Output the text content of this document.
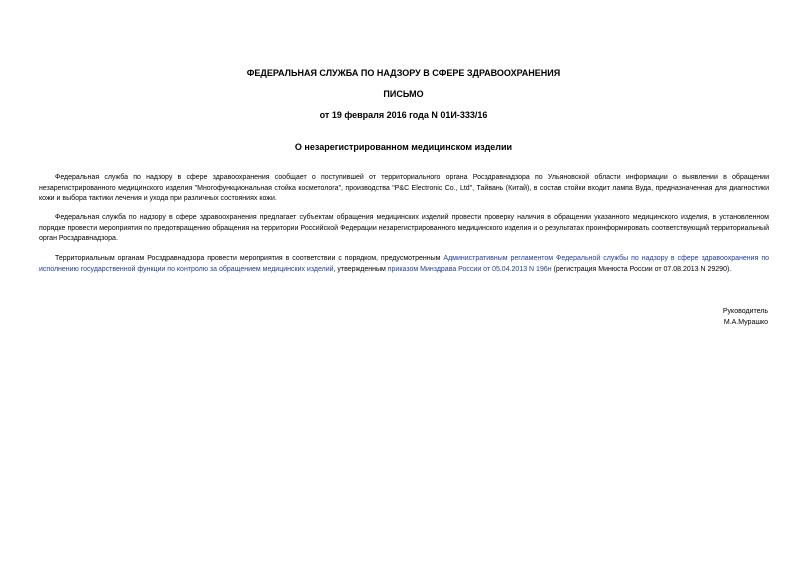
ФЕДЕРАЛЬНАЯ СЛУЖБА ПО НАДЗОРУ В СФЕРЕ ЗДРАВООХРАНЕНИЯ
ПИСЬМО
от 19 февраля 2016 года N 01И-333/16
О незарегистрированном медицинском изделии

Федеральная служба по надзору в сфере здравоохранения сообщает о поступившей от территориального органа Росздравнадзора по Ульяновской области информации о выявлении в обращении незарегистрированного медицинского изделия "Многофункциональная стойка косметолога", производства "P&C Electronic Co., Ltd", Тайвань (Китай), в состав стойки входит лампа Вуда, предназначенная для диагностики кожи и выбора тактики лечения и ухода при различных состояниях кожи.

Федеральная служба по надзору в сфере здравоохранения предлагает субъектам обращения медицинских изделий провести проверку наличия в обращении указанного медицинского изделия, в установленном порядке провести мероприятия по предотвращению обращения на территории Российской Федерации незарегистрированного медицинского изделия и о результатах проинформировать соответствующий территориальный орган Росздравнадзора.

Территориальным органам Росздравнадзора провести мероприятия в соответствии с порядком, предусмотренным Административным регламентом Федеральной службы по надзору в сфере здравоохранения по исполнению государственной функции по контролю за обращением медицинских изделий, утвержденным приказом Минздрава России от 05.04.2013 N 196н (регистрация Минюста России от 07.08.2013 N 29290).

Руководитель
М.А.Мурашко
